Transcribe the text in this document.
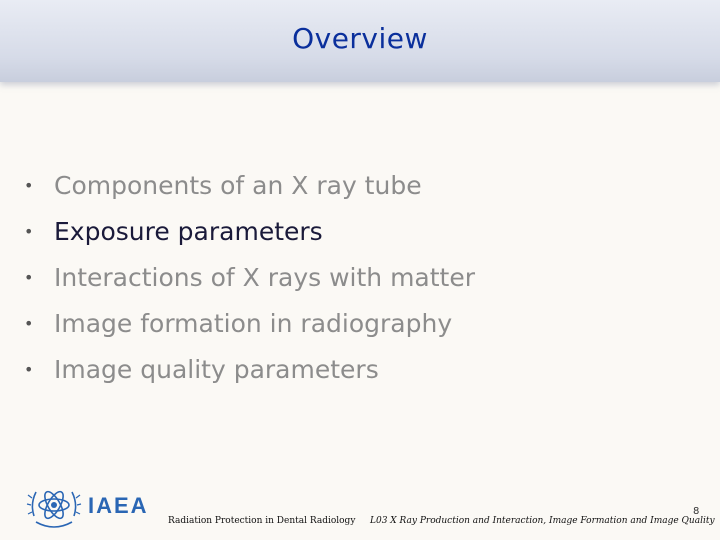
Overview
• Components of an X ray tube
• Exposure parameters
• Interactions of X rays with matter
• Image formation in radiography
• Image quality parameters
IAEA
Radiation Protection in Dental Radiology L03 X Ray Production and Interaction, Image Formation and Image Quality
8
